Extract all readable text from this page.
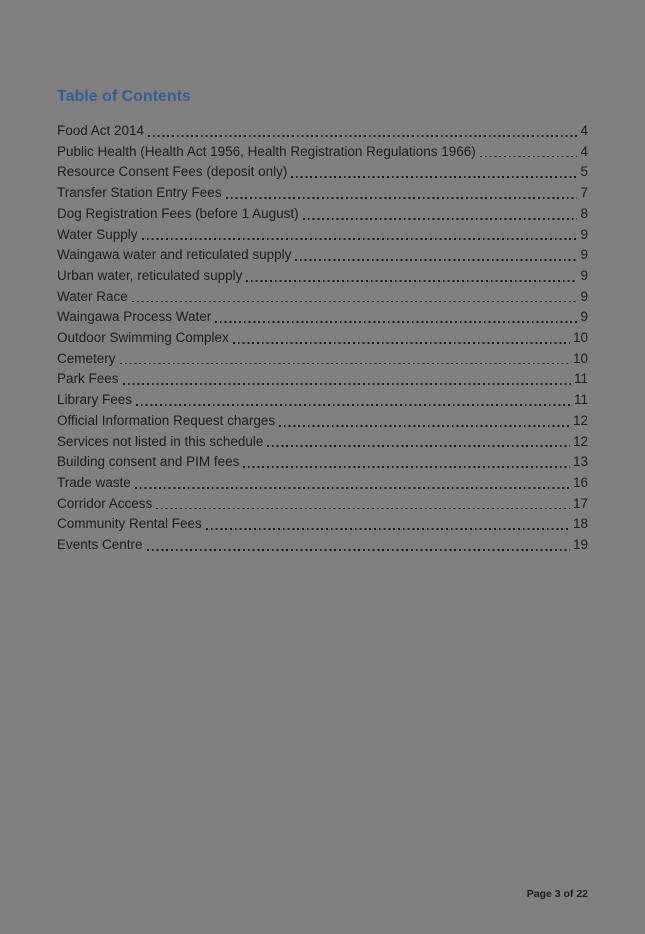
Table of Contents
Food Act 2014	4
Public Health (Health Act 1956, Health Registration Regulations 1966)	4
Resource Consent Fees (deposit only)	5
Transfer Station Entry Fees	7
Dog Registration Fees (before 1 August)	8
Water Supply	9
Waingawa water and reticulated supply	9
Urban water, reticulated supply	9
Water Race	9
Waingawa Process Water	9
Outdoor Swimming Complex	10
Cemetery	10
Park Fees	11
Library Fees	11
Official Information Request charges	12
Services not listed in this schedule	12
Building consent and PIM fees	13
Trade waste	16
Corridor Access	17
Community Rental Fees	18
Events Centre	19
Page 3 of 22
